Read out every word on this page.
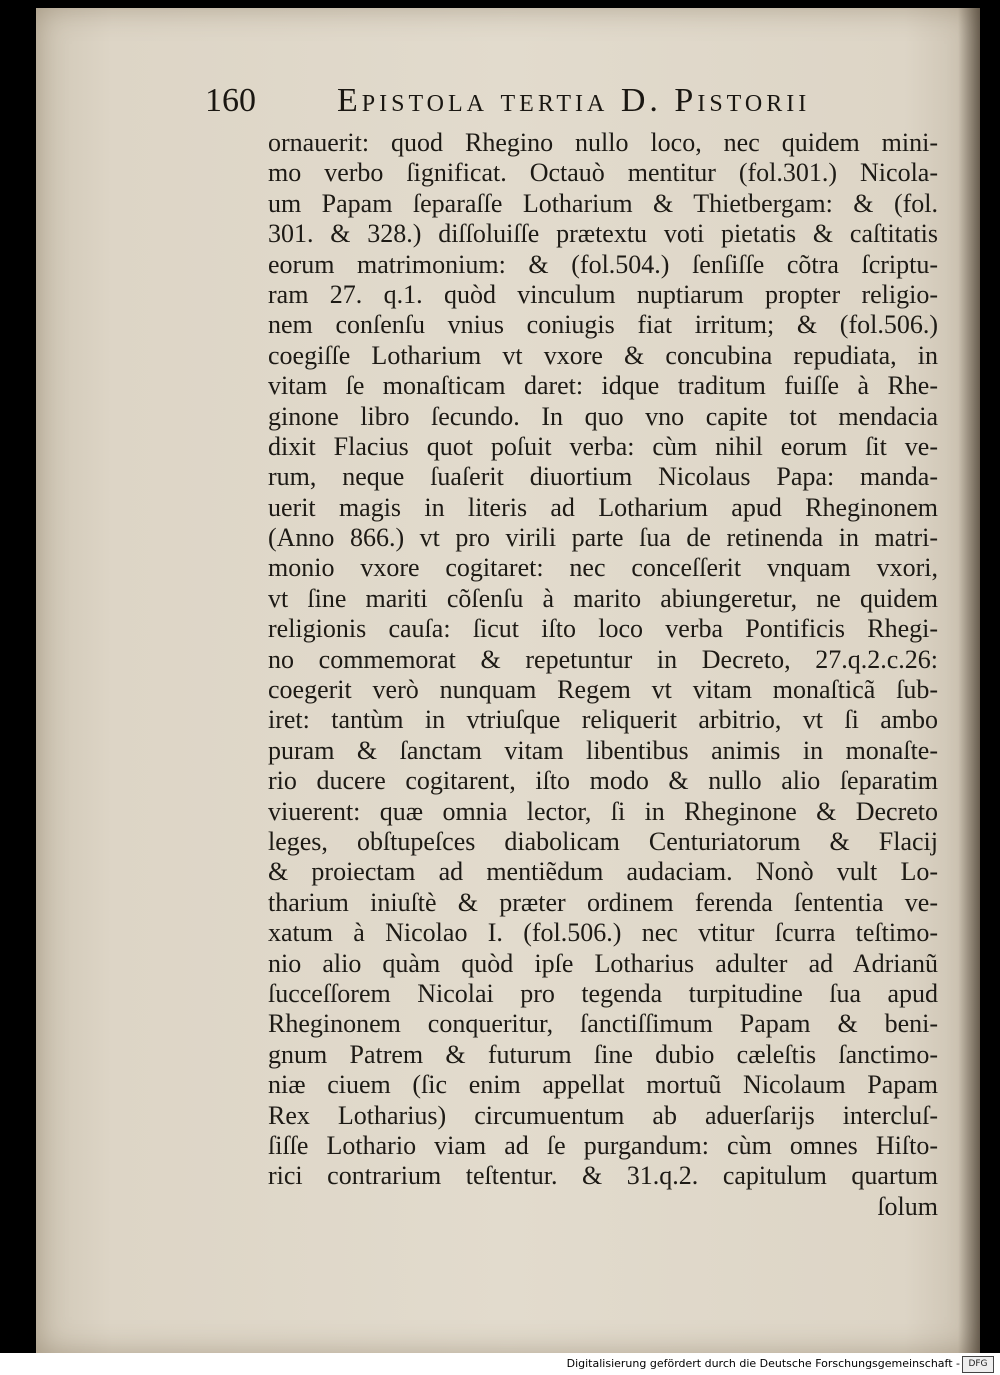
160 Epistola tertia D. Pistorii
ornauerit: quod Rhegino nullo loco, nec quidem mini-
mo verbo ſignificat. Octauò mentitur (fol.301.) Nicola-
um Papam ſeparaſſe Lotharium & Thietbergam: & (fol.
301. & 328.) diſſoluiſſe prætextu voti pietatis & caſtitatis
eorum matrimonium: & (fol.504.) ſenſiſſe cõtra ſcriptu-
ram 27. q.1. quòd vinculum nuptiarum propter religio-
nem conſenſu vnius coniugis fiat irritum; & (fol.506.)
coegiſſe Lotharium vt vxore & concubina repudiata, in
vitam ſe monaſticam daret: idque traditum fuiſſe à Rhe-
ginone libro ſecundo. In quo vno capite tot mendacia
dixit Flacius quot poſuit verba: cùm nihil eorum ſit ve-
rum, neque ſuaſerit diuortium Nicolaus Papa: manda-
uerit magis in literis ad Lotharium apud Rheginonem
(Anno 866.) vt pro virili parte ſua de retinenda in matri-
monio vxore cogitaret: nec conceſſerit vnquam vxori,
vt ſine mariti cõſenſu à marito abiungeretur, ne quidem
religionis cauſa: ſicut iſto loco verba Pontificis Rhegi-
no commemorat & repetuntur in Decreto, 27.q.2.c.26:
coegerit verò nunquam Regem vt vitam monaſticã ſub-
iret: tantùm in vtriuſque reliquerit arbitrio, vt ſi ambo
puram & ſanctam vitam libentibus animis in monaſte-
rio ducere cogitarent, iſto modo & nullo alio ſeparatim
viuerent: quæ omnia lector, ſi in Rheginone & Decreto
leges, obſtupeſces diabolicam Centuriatorum & Flacij
& proiectam ad mentiẽdum audaciam. Nonò vult Lo-
tharium iniuſtè & præter ordinem ferenda ſententia ve-
xatum à Nicolao I. (fol.506.) nec vtitur ſcurra teſtimo-
nio alio quàm quòd ipſe Lotharius adulter ad Adrianũ
ſucceſſorem Nicolai pro tegenda turpitudine ſua apud
Rheginonem conqueritur, ſanctiſſimum Papam & beni-
gnum Patrem & futurum ſine dubio cæleſtis ſanctimo-
niæ ciuem (ſic enim appellat mortuũ Nicolaum Papam
Rex Lotharius) circumuentum ab aduerſarijs intercluſ-
ſiſſe Lothario viam ad ſe purgandum: cùm omnes Hiſto-
rici contrarium teſtentur. & 31.q.2. capitulum quartum
ſolum
Digitalisierung gefördert durch die Deutsche Forschungsgemeinschaft - DFG
